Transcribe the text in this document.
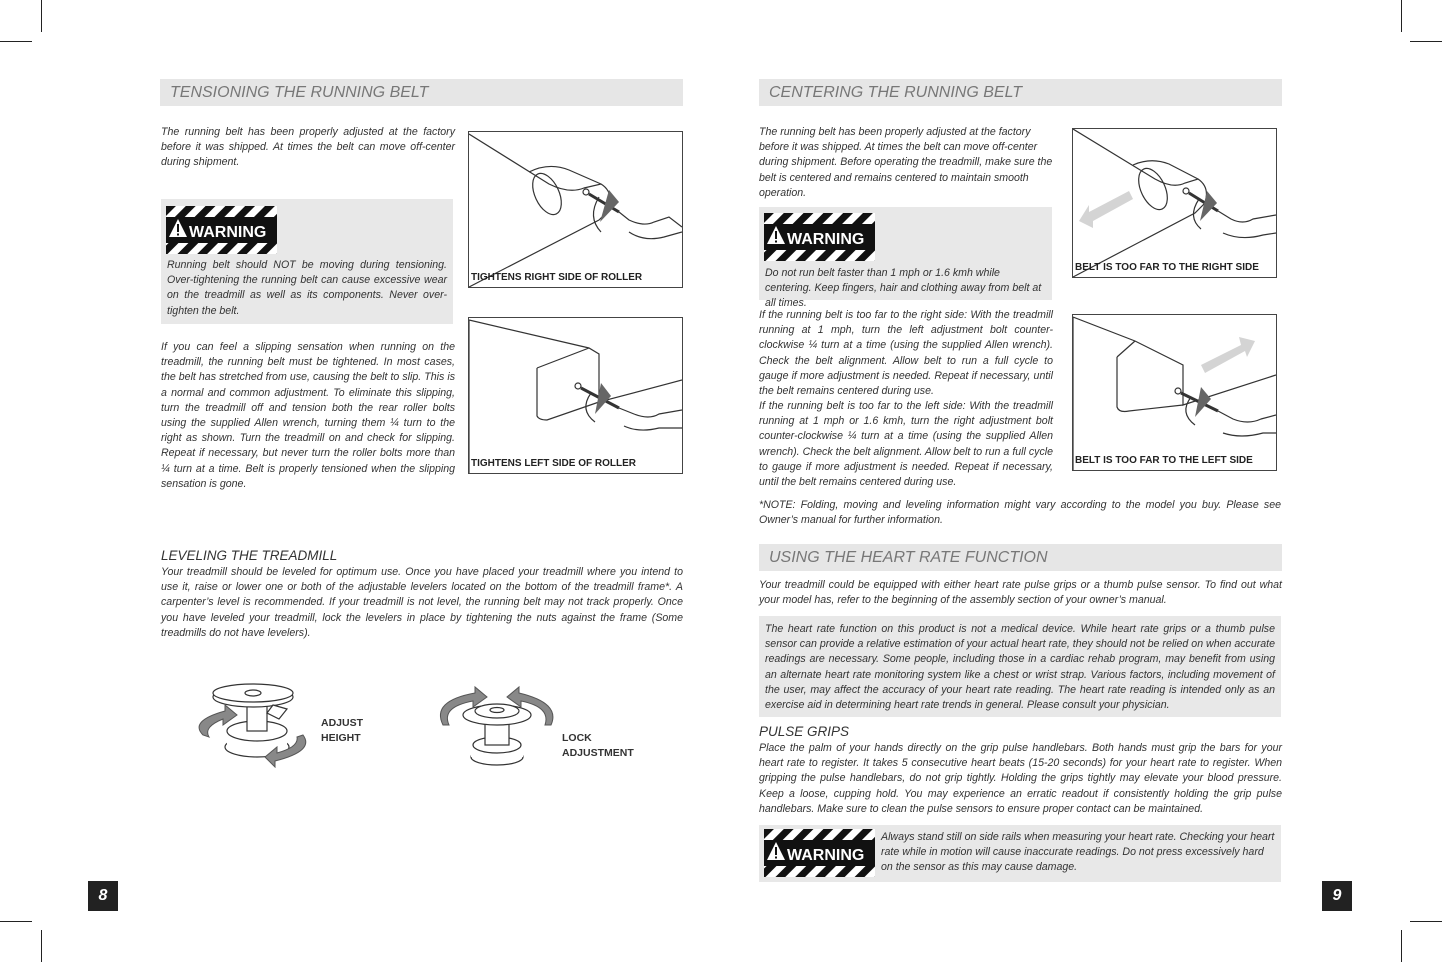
TENSIONING THE RUNNING BELT

The running belt has been properly adjusted at the factory before it was shipped. At times the belt can move off-center during shipment.

WARNING

Running belt should NOT be moving during tensioning. Over-tightening the running belt can cause excessive wear on the treadmill as well as its components. Never over-tighten the belt.

If you can feel a slipping sensation when running on the treadmill, the running belt must be tightened. In most cases, the belt has stretched from use, causing the belt to slip. This is a normal and common adjustment. To eliminate this slipping, turn the treadmill off and tension both the rear roller bolts using the supplied Allen wrench, turning them ¼ turn to the right as shown. Turn the treadmill on and check for slipping. Repeat if necessary, but never turn the roller bolts more than ¼ turn at a time. Belt is properly tensioned when the slipping sensation is gone.

TIGHTENS RIGHT SIDE OF ROLLER
TIGHTENS LEFT SIDE OF ROLLER
LEVELING THE TREADMILL

Your treadmill should be leveled for optimum use. Once you have placed your treadmill where you intend to use it, raise or lower one or both of the adjustable levelers located on the bottom of the treadmill frame*. A carpenter’s level is recommended. If your treadmill is not level, the running belt may not track properly. Once you have leveled your treadmill, lock the levelers in place by tightening the nuts against the frame (Some treadmills do not have levelers).

ADJUST
HEIGHT	LOCK
ADJUSTMENT
8
CENTERING THE RUNNING BELT

The running belt has been properly adjusted at the factory before it was shipped. At times the belt can move off-center during shipment. Before operating the treadmill, make sure the belt is centered and remains centered to maintain smooth operation.

WARNING

Do not run belt faster than 1 mph or 1.6 kmh while centering. Keep fingers, hair and clothing away from belt at all times.

If the running belt is too far to the right side: With the treadmill running at 1 mph, turn the left adjustment bolt counter-clockwise ¼ turn at a time (using the supplied Allen wrench). Check the belt alignment. Allow belt to run a full cycle to gauge if more adjustment is needed. Repeat if necessary, until the belt remains centered during use.

If the running belt is too far to the left side: With the treadmill running at 1 mph or 1.6 kmh, turn the right adjustment bolt counter-clockwise ¼ turn at a time (using the supplied Allen wrench). Check the belt alignment. Allow belt to run a full cycle to gauge if more adjustment is needed. Repeat if necessary, until the belt remains centered during use.

BELT IS TOO FAR TO THE RIGHT SIDE
BELT IS TOO FAR TO THE LEFT SIDE

*NOTE: Folding, moving and leveling information might vary according to the model you buy. Please see Owner’s manual for further information.

USING THE HEART RATE FUNCTION

Your treadmill could be equipped with either heart rate pulse grips or a thumb pulse sensor. To find out what your model has, refer to the beginning of the assembly section of your owner’s manual.

The heart rate function on this product is not a medical device. While heart rate grips or a thumb pulse sensor can provide a relative estimation of your actual heart rate, they should not be relied on when accurate readings are necessary. Some people, including those in a cardiac rehab program, may benefit from using an alternate heart rate monitoring system like a chest or wrist strap. Various factors, including movement of the user, may affect the accuracy of your heart rate reading. The heart rate reading is intended only as an exercise aid in determining heart rate trends in general. Please consult your physician.

PULSE GRIPS

Place the palm of your hands directly on the grip pulse handlebars. Both hands must grip the bars for your heart rate to register. It takes 5 consecutive heart beats (15-20 seconds) for your heart rate to register. When gripping the pulse handlebars, do not grip tightly. Holding the grips tightly may elevate your blood pressure. Keep a loose, cupping hold. You may experience an erratic readout if consistently holding the grip pulse handlebars. Make sure to clean the pulse sensors to ensure proper contact can be maintained.

WARNING

Always stand still on side rails when measuring your heart rate. Checking your heart rate while in motion will cause inaccurate readings. Do not press excessively hard on the sensor as this may cause damage.

9
